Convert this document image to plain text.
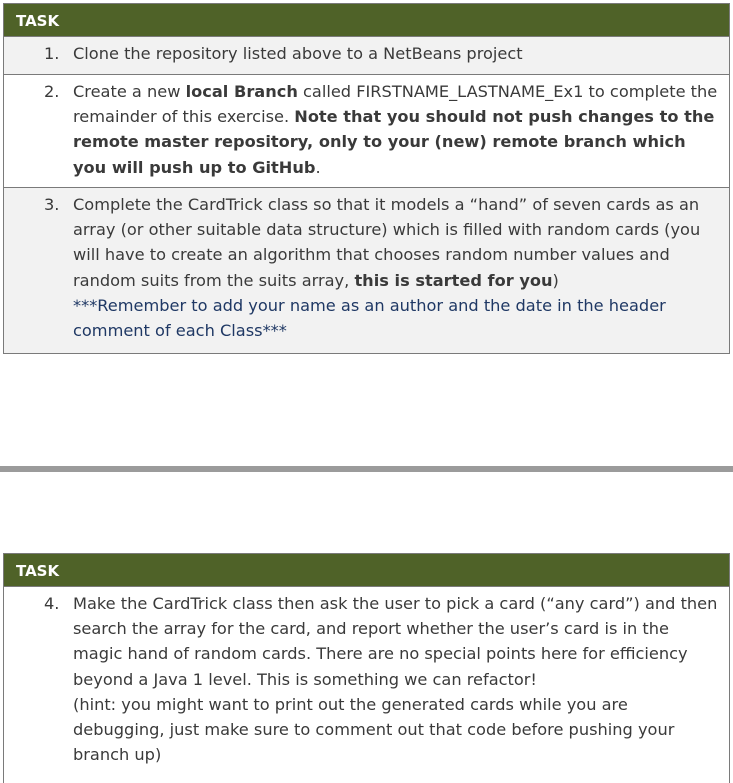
TASK
1. Clone the repository listed above to a NetBeans project
2. Create a new local Branch called FIRSTNAME_LASTNAME_Ex1 to complete the remainder of this exercise. Note that you should not push changes to the remote master repository, only to your (new) remote branch which you will push up to GitHub.
3. Complete the CardTrick class so that it models a “hand” of seven cards as an array (or other suitable data structure) which is filled with random cards (you will have to create an algorithm that chooses random number values and random suits from the suits array, this is started for you)
***Remember to add your name as an author and the date in the header comment of each Class***
TASK
4. Make the CardTrick class then ask the user to pick a card (“any card”) and then search the array for the card, and report whether the user’s card is in the magic hand of random cards. There are no special points here for efficiency beyond a Java 1 level. This is something we can refactor!
(hint: you might want to print out the generated cards while you are debugging, just make sure to comment out that code before pushing your branch up)
